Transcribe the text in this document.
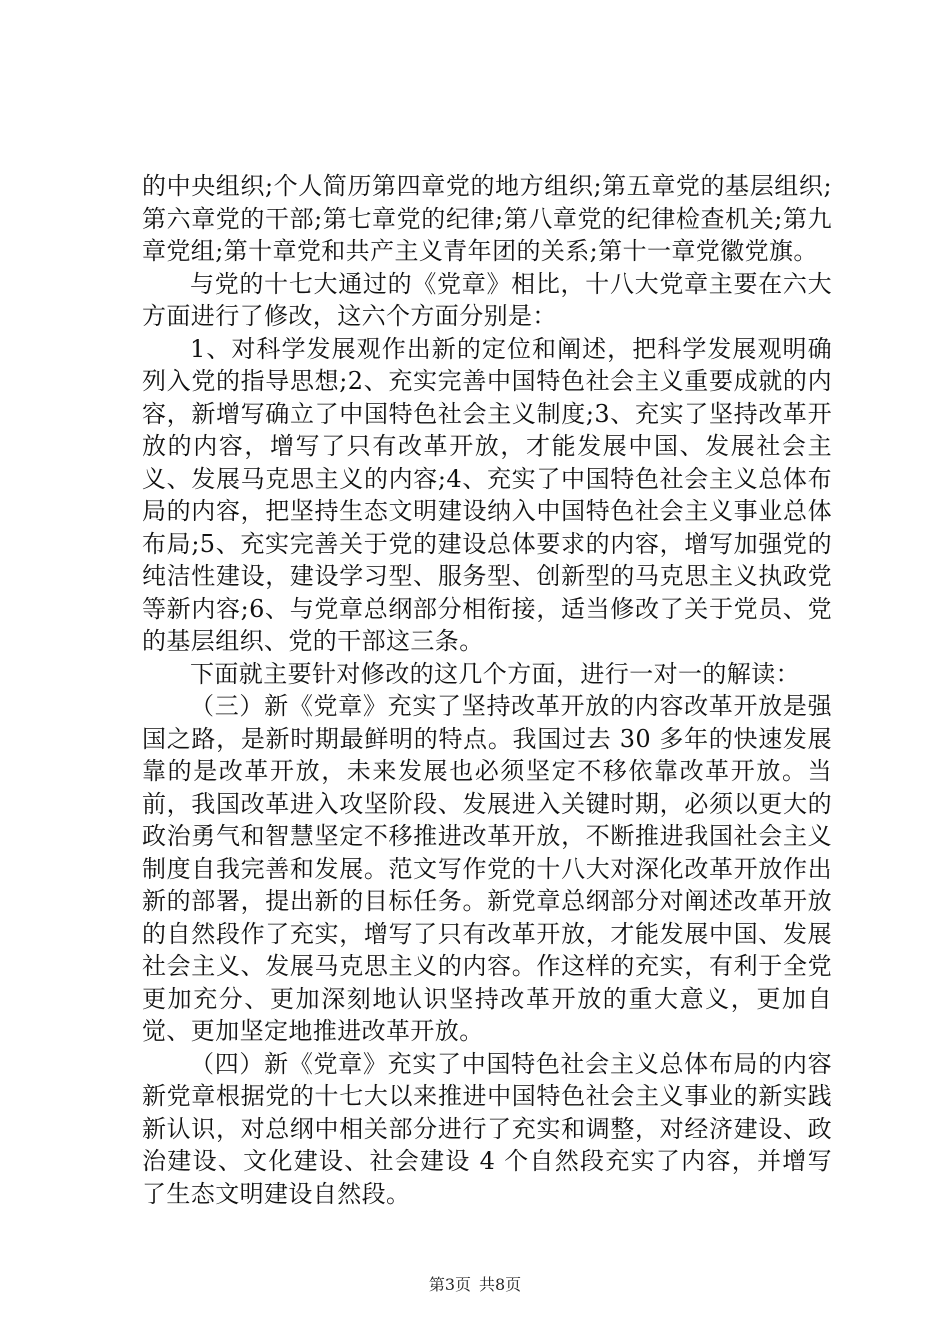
的中央组织;个人简历第四章党的地方组织;第五章党的基层组织;第六章党的干部;第七章党的纪律;第八章党的纪律检查机关;第九章党组;第十章党和共产主义青年团的关系;第十一章党徽党旗。

与党的十七大通过的《党章》相比，十八大党章主要在六大方面进行了修改，这六个方面分别是：

1、对科学发展观作出新的定位和阐述，把科学发展观明确列入党的指导思想;2、充实完善中国特色社会主义重要成就的内容，新增写确立了中国特色社会主义制度;3、充实了坚持改革开放的内容，增写了只有改革开放，才能发展中国、发展社会主义、发展马克思主义的内容;4、充实了中国特色社会主义总体布局的内容，把坚持生态文明建设纳入中国特色社会主义事业总体布局;5、充实完善关于党的建设总体要求的内容，增写加强党的纯洁性建设，建设学习型、服务型、创新型的马克思主义执政党等新内容;6、与党章总纲部分相衔接，适当修改了关于党员、党的基层组织、党的干部这三条。

下面就主要针对修改的这几个方面，进行一对一的解读：

（三）新《党章》充实了坚持改革开放的内容改革开放是强国之路，是新时期最鲜明的特点。我国过去 30 多年的快速发展靠的是改革开放，未来发展也必须坚定不移依靠改革开放。当前，我国改革进入攻坚阶段、发展进入关键时期，必须以更大的政治勇气和智慧坚定不移推进改革开放，不断推进我国社会主义制度自我完善和发展。范文写作党的十八大对深化改革开放作出新的部署，提出新的目标任务。新党章总纲部分对阐述改革开放的自然段作了充实，增写了只有改革开放，才能发展中国、发展社会主义、发展马克思主义的内容。作这样的充实，有利于全党更加充分、更加深刻地认识坚持改革开放的重大意义，更加自觉、更加坚定地推进改革开放。

（四）新《党章》充实了中国特色社会主义总体布局的内容新党章根据党的十七大以来推进中国特色社会主义事业的新实践新认识，对总纲中相关部分进行了充实和调整，对经济建设、政治建设、文化建设、社会建设 4 个自然段充实了内容，并增写了生态文明建设自然段。

第3页 共8页
